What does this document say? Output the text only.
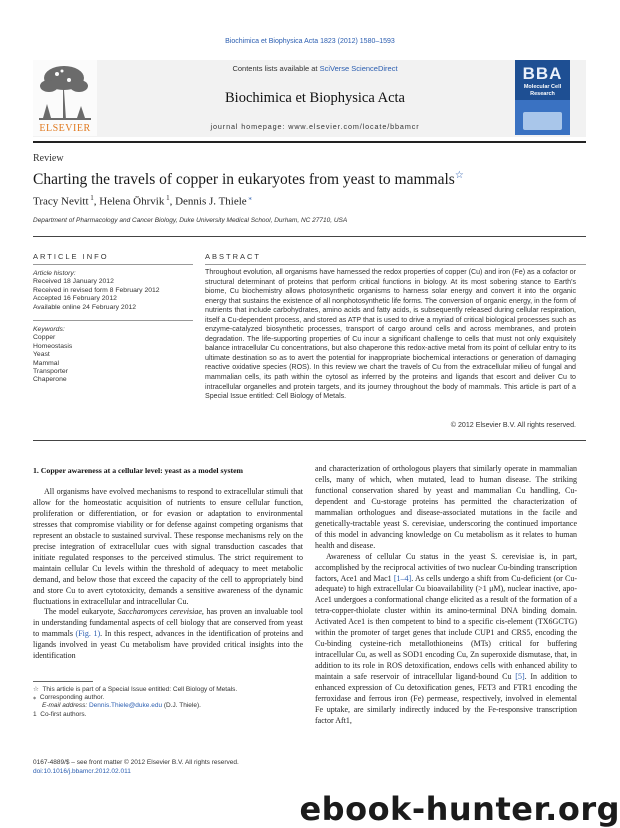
Biochimica et Biophysica Acta 1823 (2012) 1580–1593
ELSEVIER
Contents lists available at SciVerse ScienceDirect
Biochimica et Biophysica Acta
journal homepage: www.elsevier.com/locate/bbamcr
BBA
Molecular Cell Research
Review
Charting the travels of copper in eukaryotes from yeast to mammals☆
Tracy Nevitt $^1$, Helena Öhrvik $^1$, Dennis J. Thiele ⁎
Department of Pharmacology and Cancer Biology, Duke University Medical School, Durham, NC 27710, USA
ARTICLE INFO
Article history:
Received 18 January 2012
Received in revised form 8 February 2012
Accepted 16 February 2012
Available online 24 February 2012
Keywords:
Copper
Homeostasis
Yeast
Mammal
Transporter
Chaperone
ABSTRACT
Throughout evolution, all organisms have harnessed the redox properties of copper (Cu) and iron (Fe) as a cofactor or structural determinant of proteins that perform critical functions in biology. At its most sobering stance to Earth's biome, Cu biochemistry allows photosynthetic organisms to harness solar energy and convert it into the organic energy that sustains the existence of all nonphotosynthetic life forms. The conversion of organic energy, in the form of nutrients that include carbohydrates, amino acids and fatty acids, is subsequently released during cellular respiration, itself a Cu-dependent process, and stored as ATP that is used to drive a myriad of critical biological processes such as enzyme-catalyzed biosynthetic processes, transport of cargo around cells and across membranes, and protein degradation. The life-supporting properties of Cu incur a significant challenge to cells that must not only exquisitely balance intracellular Cu concentrations, but also chaperone this redox-active metal from its point of cellular entry to its ultimate destination so as to avert the potential for inappropriate biochemical interactions or generation of damaging reactive oxidative species (ROS). In this review we chart the travels of Cu from the extracellular milieu of fungal and mammalian cells, its path within the cytosol as inferred by the proteins and ligands that escort and deliver Cu to intracellular organelles and protein targets, and its journey throughout the body of mammals. This article is part of a Special Issue entitled: Cell Biology of Metals.
© 2012 Elsevier B.V. All rights reserved.
1. Copper awareness at a cellular level: yeast as a model system

All organisms have evolved mechanisms to respond to extracellular stimuli that allow for the homeostatic acquisition of nutrients to ensure cellular function, proliferation or differentiation, or for evasion or adaptation to environmental stresses that compromise viability or for defense against competing organisms that represent an obstacle to sustained survival. These response mechanisms rely on the precise integration of extracellular cues with signal transduction cascades that initiate regulated responses to the perceived stimulus. The strict requirement to maintain cellular Cu levels within the threshold of adequacy to meet metabolic demand, and below those that exceed the capacity of the cell to appropriately bind and store Cu to avert cytotoxicity, demands a sensitive awareness of the dynamic fluctuations in extracellular and intracellular Cu.

The model eukaryote, Saccharomyces cerevisiae, has proven an invaluable tool in understanding fundamental aspects of cell biology that are conserved from yeast to mammals (Fig. 1). In this respect, advances in the identification of proteins and ligands involved in yeast Cu metabolism have provided critical insights into the identification

and characterization of orthologous players that similarly operate in mammalian cells, many of which, when mutated, lead to human disease. The striking functional conservation shared by yeast and mammalian Cu handling, Cu-dependent and Cu-storage proteins has permitted the characterization of mammalian orthologues and disease-associated mutations in the facile and genetically-tractable yeast S. cerevisiae, underscoring the continued importance of this model in advancing knowledge on Cu metabolism as it relates to human health and disease.

Awareness of cellular Cu status in the yeast S. cerevisiae is, in part, accomplished by the reciprocal activities of two nuclear Cu-binding transcription factors, Ace1 and Mac1 [1–4]. As cells undergo a shift from Cu-deficient (or Cu-adequate) to high extracellular Cu bioavailability (>1 μM), nuclear inactive, apo-Ace1 undergoes a conformational change elicited as a result of the formation of a tetra-copper-thiolate cluster within its amino-terminal DNA binding domain. Activated Ace1 is then competent to bind to a specific cis-element (TX6GCTG) within the promoter of target genes that include CUP1 and CRS5, encoding the Cu-binding cysteine-rich metallothioneins (MTs) critical for buffering intracellular Cu, as well as SOD1 encoding Cu, Zn superoxide dismutase, that, in addition to its role in ROS detoxification, endows cells with enhanced ability to maintain a safe reservoir of intracellular ligand-bound Cu [5]. In addition to enhanced expression of Cu detoxification genes, FET3 and FTR1 encoding the ferroxidase and ferrous iron (Fe) permease, respectively, involved in elemental Fe uptake, are similarly indirectly induced by the Fe-responsive transcription factor Aft1,

☆ This article is part of a Special Issue entitled: Cell Biology of Metals.
⁎ Corresponding author.
E-mail address: Dennis.Thiele@duke.edu (D.J. Thiele).
1 Co-first authors.
0167-4889/$ – see front matter © 2012 Elsevier B.V. All rights reserved.
doi:10.1016/j.bbamcr.2012.02.011
ebook-hunter.org
